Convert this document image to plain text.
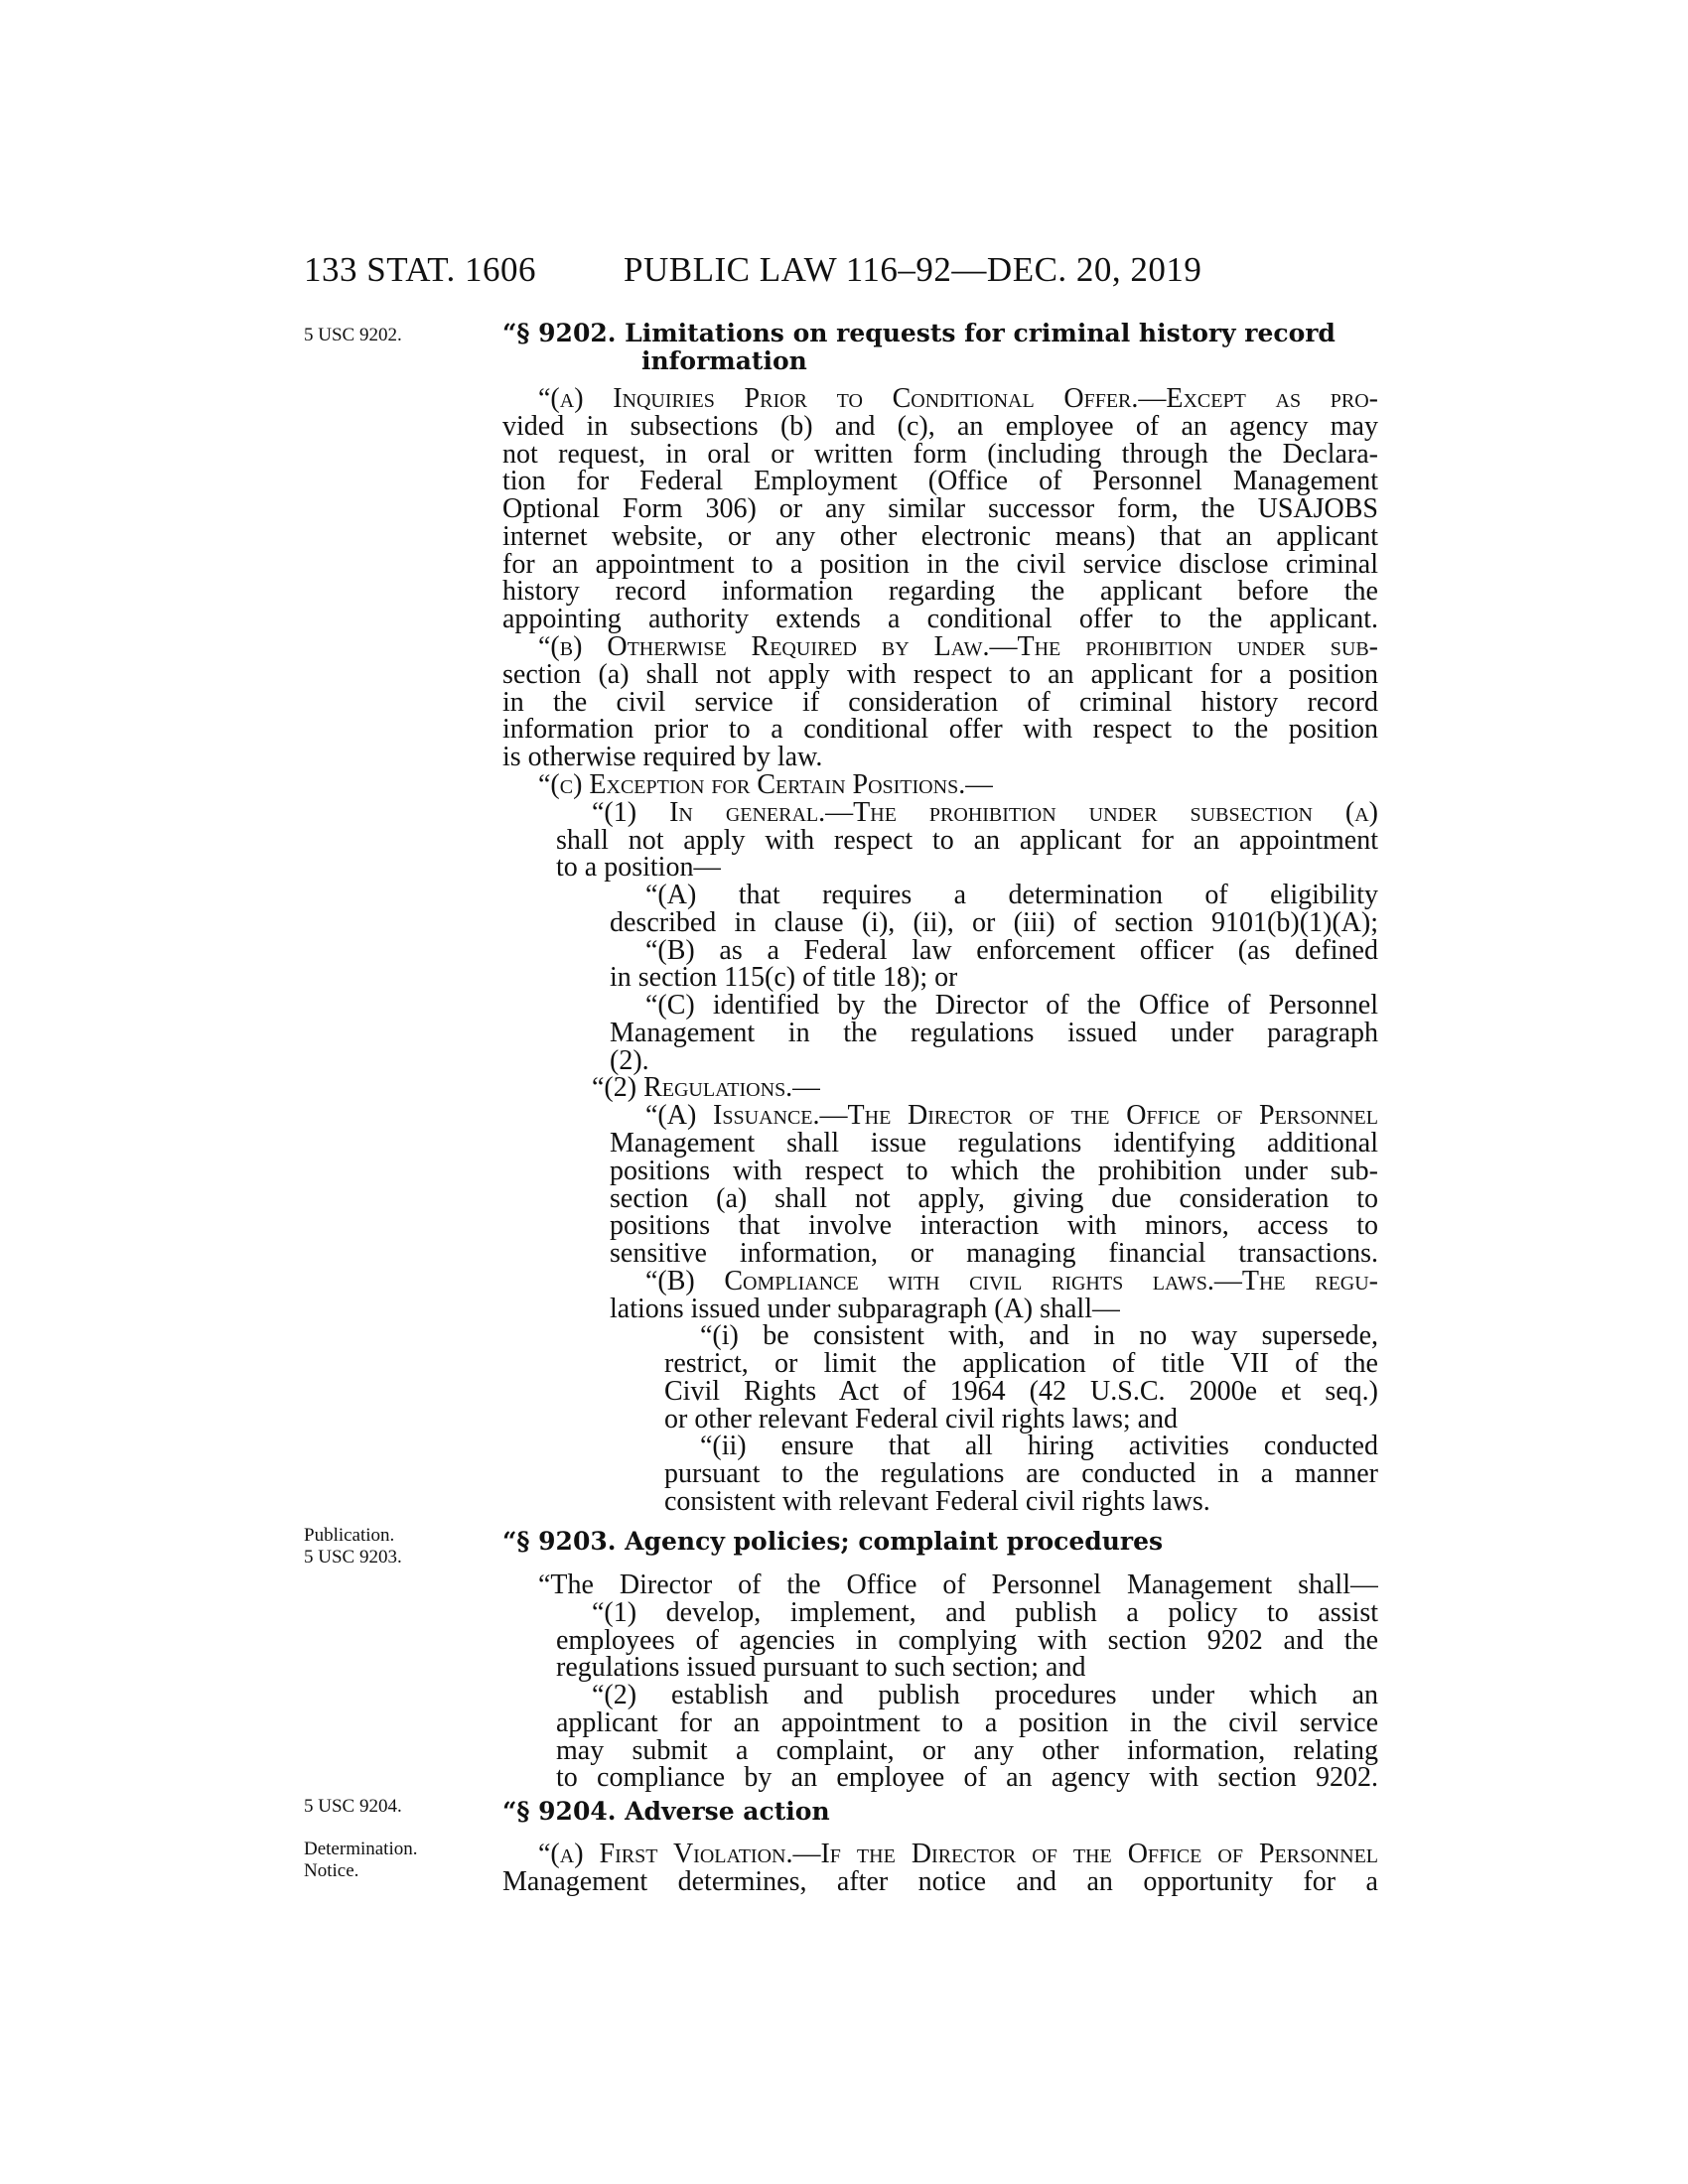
133 STAT. 1606	PUBLIC LAW 116–92—DEC. 20, 2019
5 USC 9202.
Publication.
5 USC 9203.
5 USC 9204.
Determination.
Notice.
“§ 9202. Limitations on requests for criminal history record
information
“(a) Inquiries Prior to Conditional Offer.—Except as pro-
vided in subsections (b) and (c), an employee of an agency may
not request, in oral or written form (including through the Declara-
tion for Federal Employment (Office of Personnel Management
Optional Form 306) or any similar successor form, the USAJOBS
internet website, or any other electronic means) that an applicant
for an appointment to a position in the civil service disclose criminal
history record information regarding the applicant before the
appointing authority extends a conditional offer to the applicant.
“(b) Otherwise Required by Law.—The prohibition under sub-
section (a) shall not apply with respect to an applicant for a position
in the civil service if consideration of criminal history record
information prior to a conditional offer with respect to the position
is otherwise required by law.
“(c) Exception for Certain Positions.—
“(1) In general.—The prohibition under subsection (a)
shall not apply with respect to an applicant for an appointment
to a position—
“(A) that requires a determination of eligibility
described in clause (i), (ii), or (iii) of section 9101(b)(1)(A);
“(B) as a Federal law enforcement officer (as defined
in section 115(c) of title 18); or
“(C) identified by the Director of the Office of Personnel
Management in the regulations issued under paragraph
(2).
“(2) Regulations.—
“(A) Issuance.—The Director of the Office of Personnel
Management shall issue regulations identifying additional
positions with respect to which the prohibition under sub-
section (a) shall not apply, giving due consideration to
positions that involve interaction with minors, access to
sensitive information, or managing financial transactions.
“(B) Compliance with civil rights laws.—The regu-
lations issued under subparagraph (A) shall—
“(i) be consistent with, and in no way supersede,
restrict, or limit the application of title VII of the
Civil Rights Act of 1964 (42 U.S.C. 2000e et seq.)
or other relevant Federal civil rights laws; and
“(ii) ensure that all hiring activities conducted
pursuant to the regulations are conducted in a manner
consistent with relevant Federal civil rights laws.
“§ 9203. Agency policies; complaint procedures
“The Director of the Office of Personnel Management shall—
“(1) develop, implement, and publish a policy to assist
employees of agencies in complying with section 9202 and the
regulations issued pursuant to such section; and
“(2) establish and publish procedures under which an
applicant for an appointment to a position in the civil service
may submit a complaint, or any other information, relating
to compliance by an employee of an agency with section 9202.
“§ 9204. Adverse action
“(a) First Violation.—If the Director of the Office of Personnel
Management determines, after notice and an opportunity for a
